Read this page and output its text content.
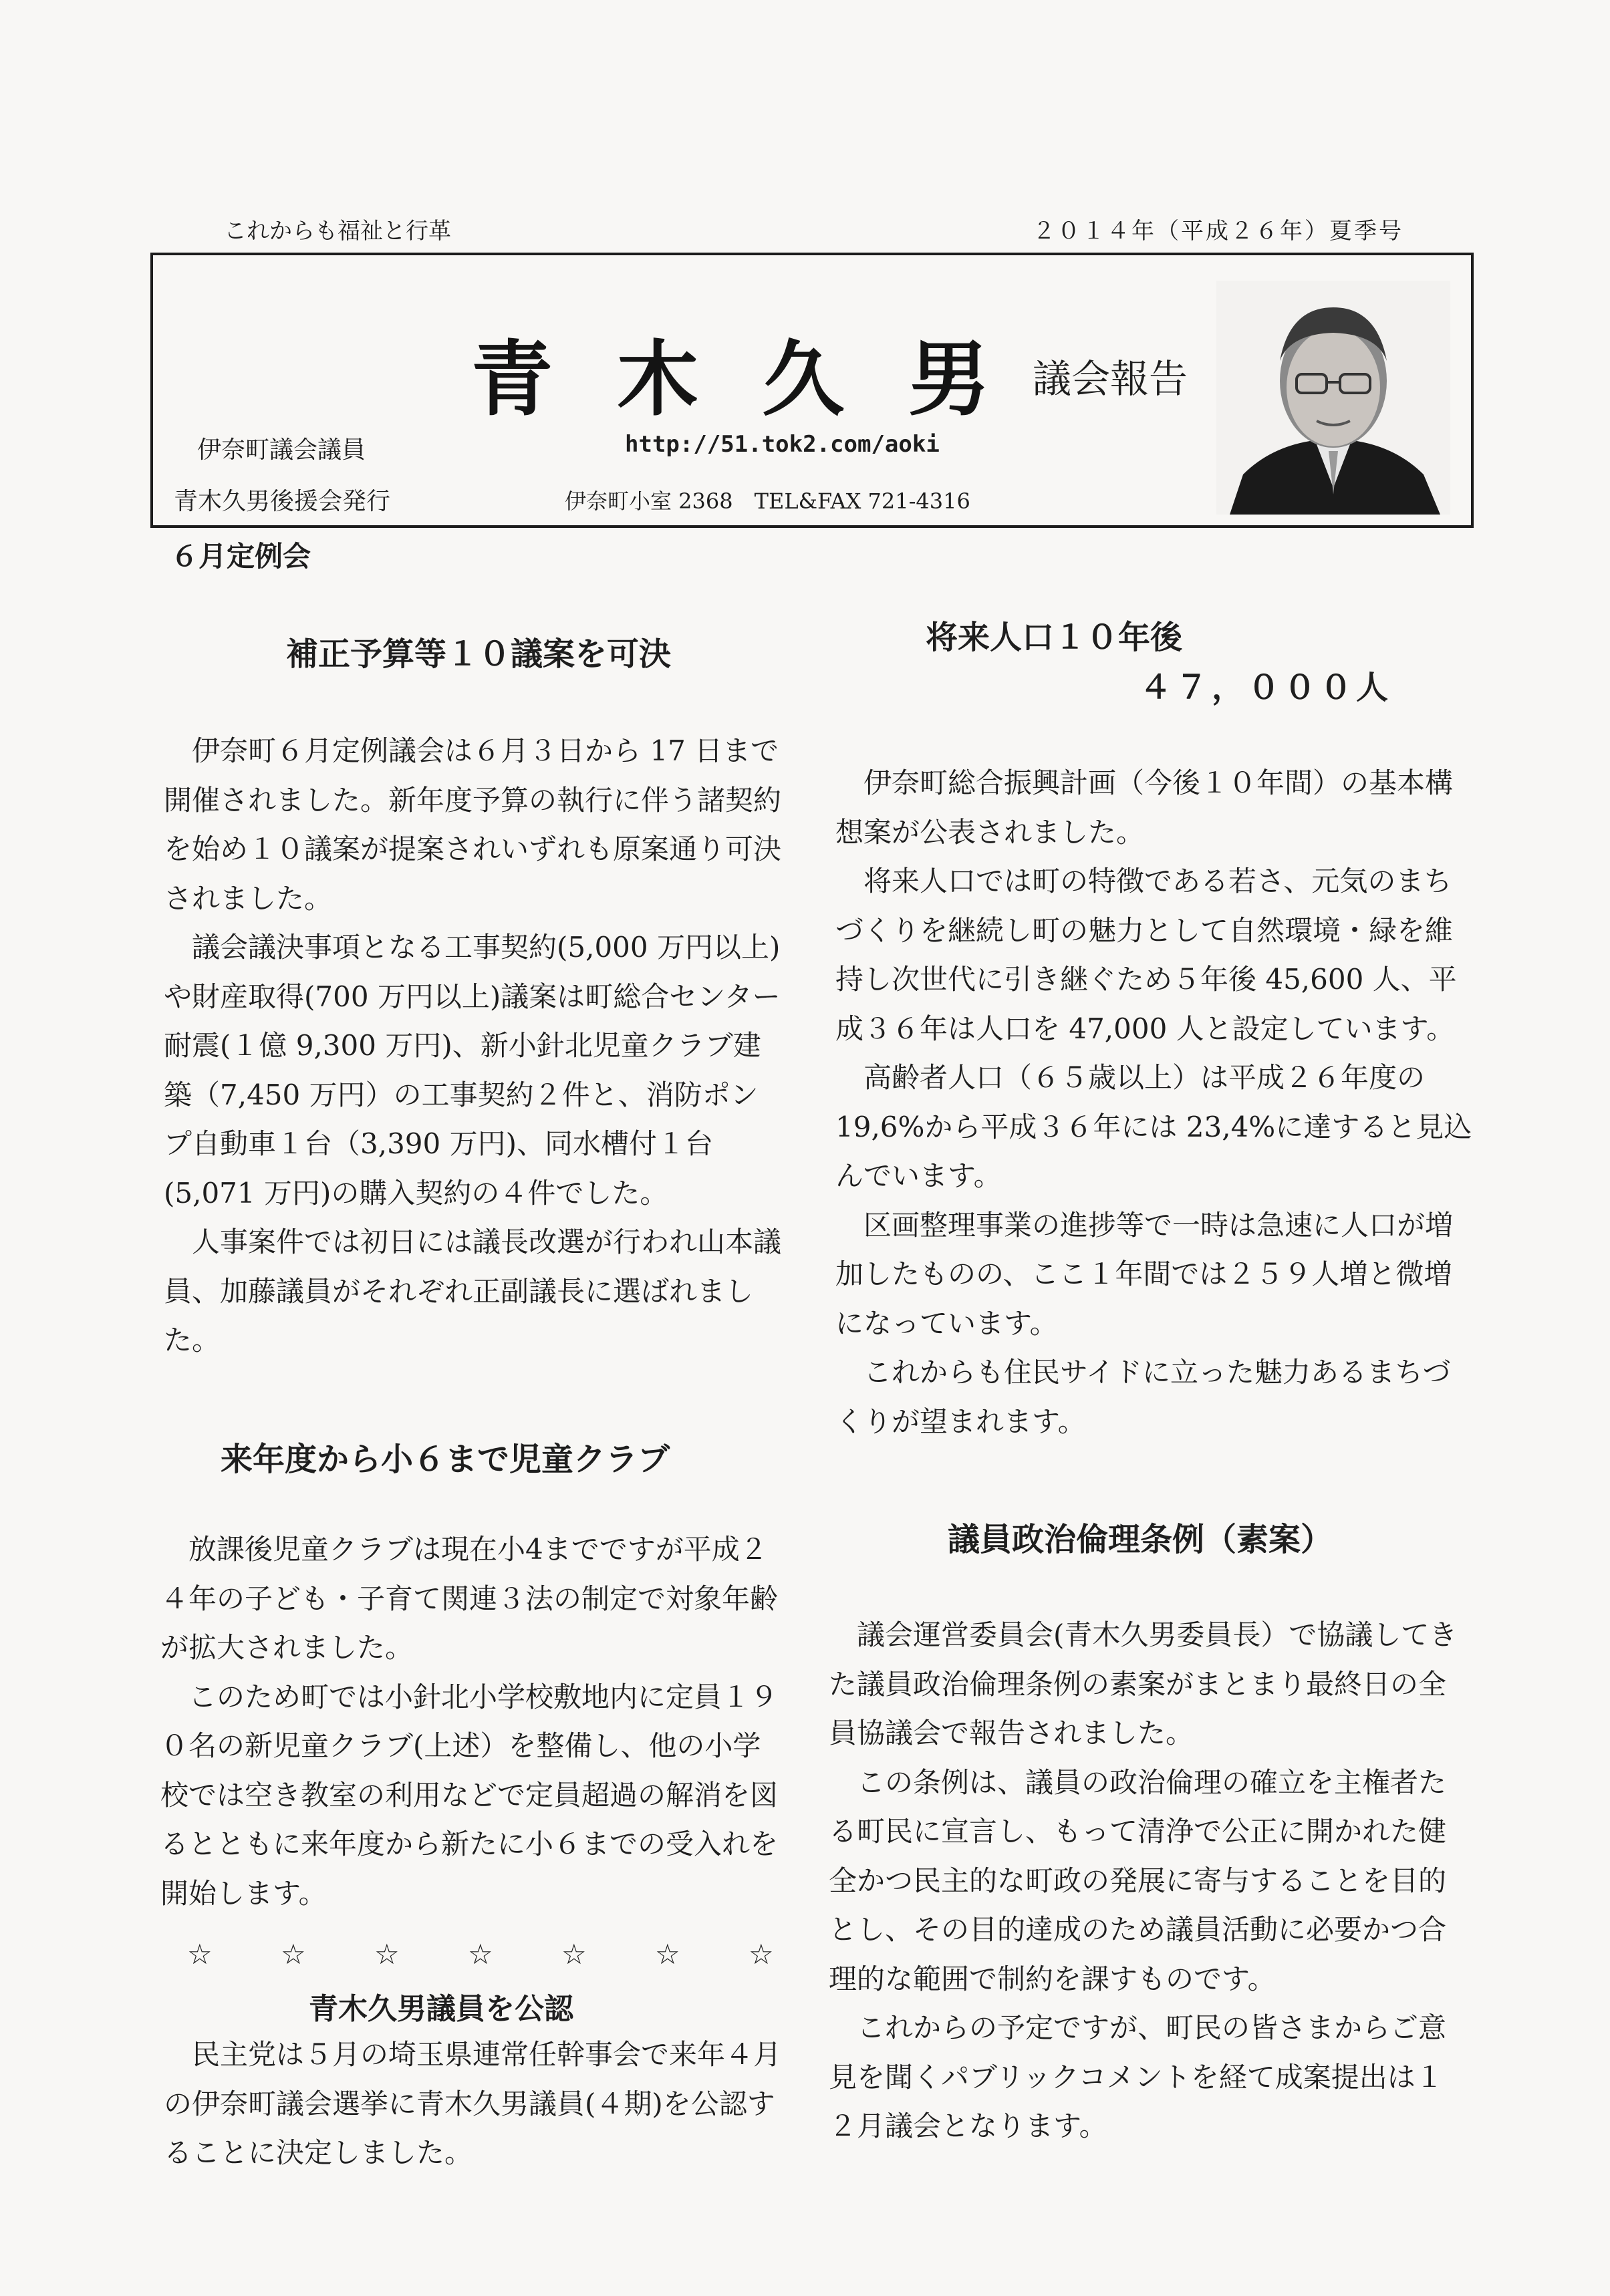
これからも福祉と行革	２０１４年（平成２６年）夏季号
青木久男
議会報告
伊奈町議会議員	http://51.tok2.com/aoki
青木久男後援会発行	伊奈町小室 2368　TEL&FAX 721-4316
６月定例会
補正予算等１０議案を可決

伊奈町６月定例議会は６月３日から 17 日まで開催されました。新年度予算の執行に伴う諸契約を始め１０議案が提案されいずれも原案通り可決されました。

議会議決事項となる工事契約(5,000 万円以上)や財産取得(700 万円以上)議案は町総合センター耐震(１億 9,300 万円)、新小針北児童クラブ建築（7,450 万円）の工事契約２件と、消防ポンプ自動車１台（3,390 万円)、同水槽付１台(5,071 万円)の購入契約の４件でした。

人事案件では初日には議長改選が行われ山本議員、加藤議員がそれぞれ正副議長に選ばれました。

来年度から小６まで児童クラブ

放課後児童クラブは現在小4までですが平成２４年の子ども・子育て関連３法の制定で対象年齢が拡大されました。

このため町では小針北小学校敷地内に定員１９０名の新児童クラブ(上述）を整備し、他の小学校では空き教室の利用などで定員超過の解消を図るとともに来年度から新たに小６までの受入れを開始します。

☆ ☆ ☆ ☆ ☆ ☆ ☆
青木久男議員を公認

民主党は５月の埼玉県連常任幹事会で来年４月の伊奈町議会選挙に青木久男議員(４期)を公認することに決定しました。

将来人口１０年後
４７，０００人

伊奈町総合振興計画（今後１０年間）の基本構想案が公表されました。

将来人口では町の特徴である若さ、元気のまちづくりを継続し町の魅力として自然環境・緑を維持し次世代に引き継ぐため５年後 45,600 人、平成３６年は人口を 47,000 人と設定しています。

高齢者人口（６５歳以上）は平成２６年度の 19,6%から平成３６年には 23,4%に達すると見込んでいます。

区画整理事業の進捗等で一時は急速に人口が増加したものの、ここ１年間では２５９人増と微増になっています。

これからも住民サイドに立った魅力あるまちづくりが望まれます。

議員政治倫理条例（素案）

議会運営委員会(青木久男委員長）で協議してきた議員政治倫理条例の素案がまとまり最終日の全員協議会で報告されました。

この条例は、議員の政治倫理の確立を主権者たる町民に宣言し、もって清浄で公正に開かれた健全かつ民主的な町政の発展に寄与することを目的とし、その目的達成のため議員活動に必要かつ合理的な範囲で制約を課すものです。

これからの予定ですが、町民の皆さまからご意見を聞くパブリックコメントを経て成案提出は１２月議会となります。
